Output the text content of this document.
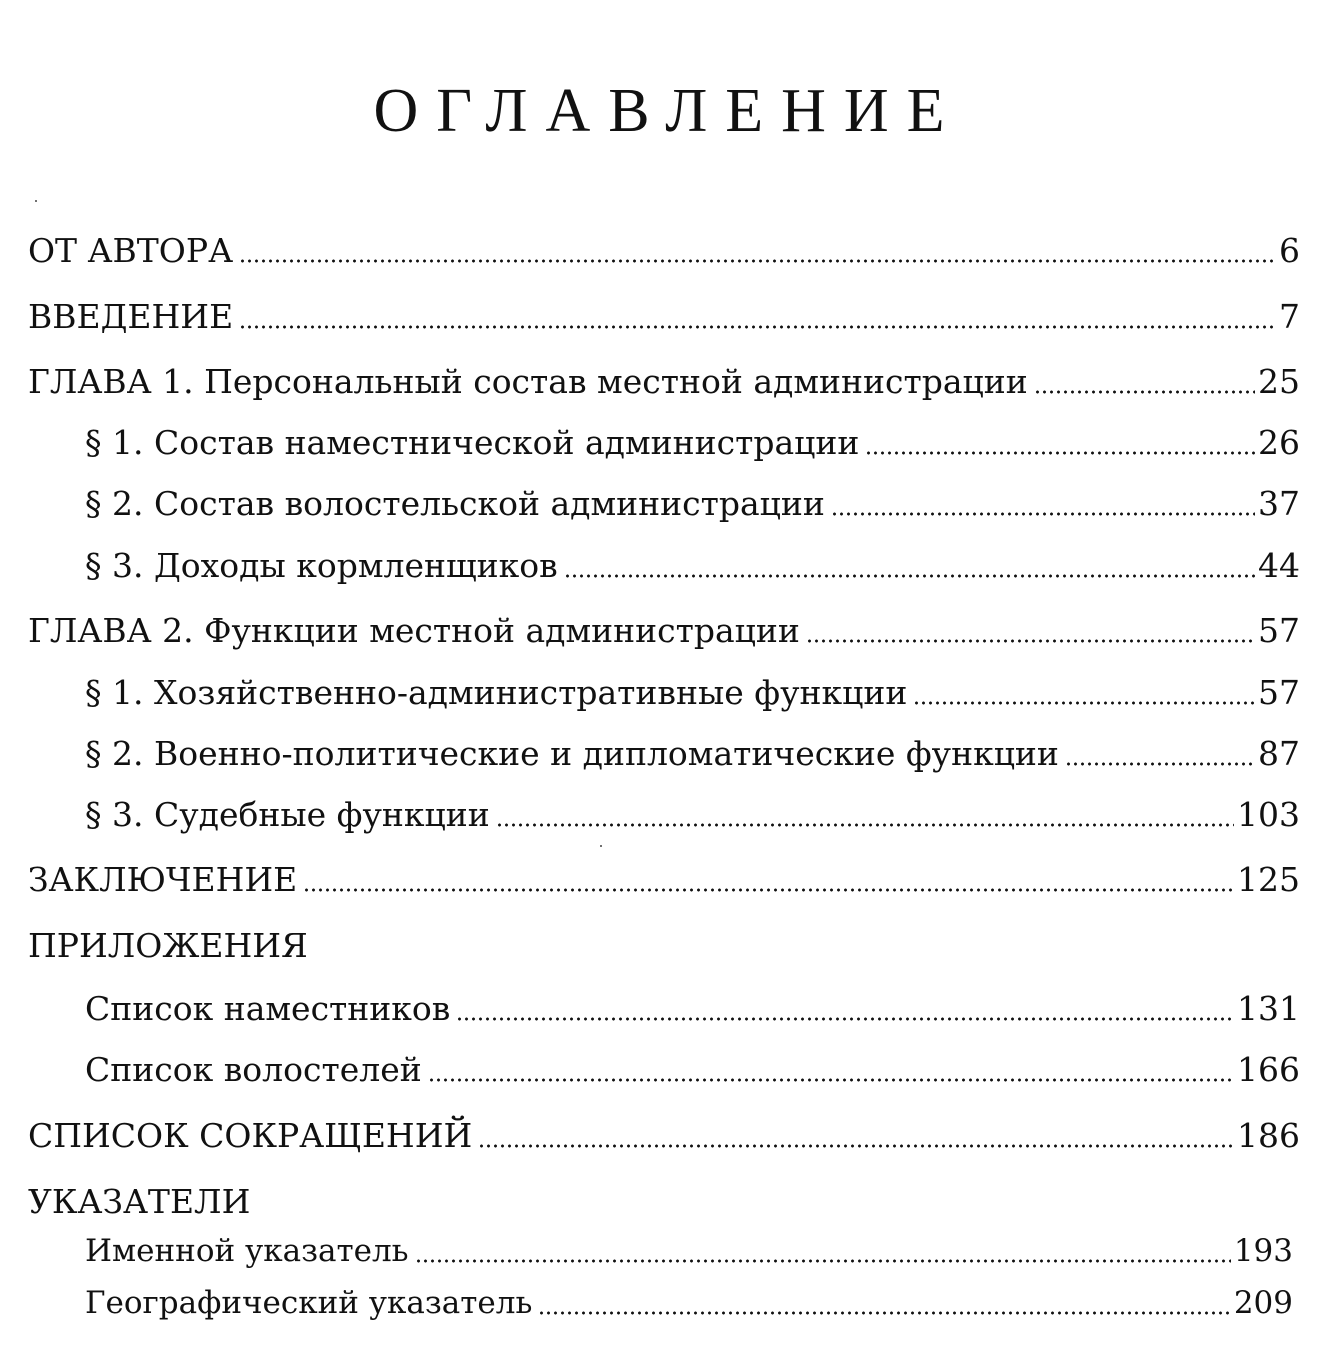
ОГЛАВЛЕНИЕ
ОТ АВТОРА	6
ВВЕДЕНИЕ	7
ГЛАВА 1. Персональный состав местной администрации	25
§ 1. Состав наместнической администрации	26
§ 2. Состав волостельской администрации	37
§ 3. Доходы кормленщиков	44
ГЛАВА 2. Функции местной администрации	57
§ 1. Хозяйственно-административные функции	57
§ 2. Военно-политические и дипломатические функции	87
§ 3. Судебные функции	103
ЗАКЛЮЧЕНИЕ	125
ПРИЛОЖЕНИЯ
Список наместников	131
Список волостелей	166
СПИСОК СОКРАЩЕНИЙ	186
УКАЗАТЕЛИ
Именной указатель	193
Географический указатель	209
